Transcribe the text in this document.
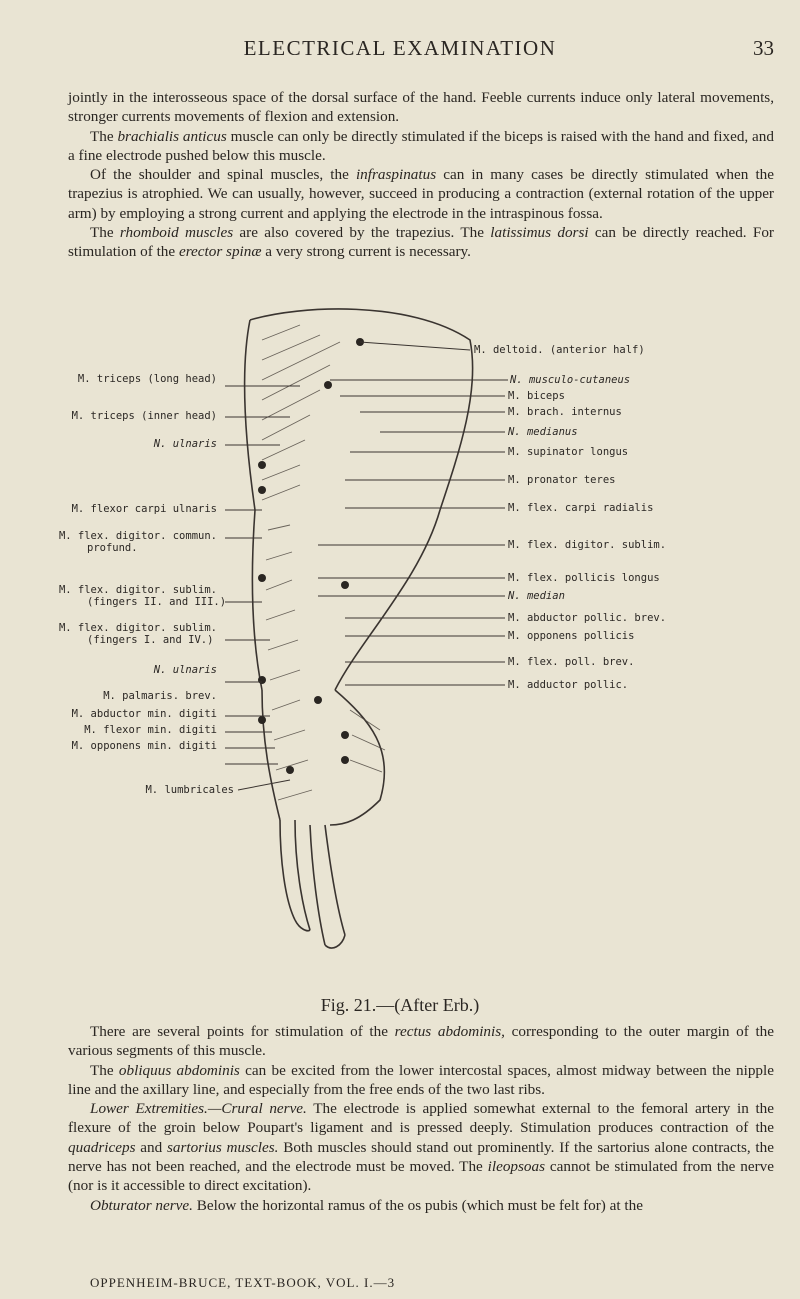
ELECTRICAL EXAMINATION	33

jointly in the interosseous space of the dorsal surface of the hand. Feeble currents induce only lateral movements, stronger currents movements of flexion and extension.

The brachialis anticus muscle can only be directly stimulated if the biceps is raised with the hand and fixed, and a fine electrode pushed below this muscle.

Of the shoulder and spinal muscles, the infraspinatus can in many cases be directly stimulated when the trapezius is atrophied. We can usually, however, succeed in producing a contraction (external rotation of the upper arm) by employing a strong current and applying the electrode in the intraspinous fossa.

The rhomboid muscles are also covered by the trapezius. The latissimus dorsi can be directly reached. For stimulation of the erector spinæ a very strong current is necessary.

M. triceps (long head)
M. triceps (inner head)
N. ulnaris
M. flexor carpi ulnaris
M. flex. digitor. commun.
profund.
M. flex. digitor. sublim.
(fingers II. and III.)
M. flex. digitor. sublim.
(fingers I. and IV.)
N. ulnaris
M. palmaris. brev.
M. abductor min. digiti
M. flexor min. digiti
M. opponens min. digiti
M. lumbricales
M. deltoid. (anterior half)
N. musculo-cutaneus
M. biceps
M. brach. internus
N. medianus
M. supinator longus
M. pronator teres
M. flex. carpi radialis
M. flex. digitor. sublim.
M. flex. pollicis longus
N. median
M. abductor pollic. brev.
M. opponens pollicis
M. flex. poll. brev.
M. adductor pollic.
Fig. 21.—(After Erb.)

There are several points for stimulation of the rectus abdominis, corresponding to the outer margin of the various segments of this muscle.

The obliquus abdominis can be excited from the lower intercostal spaces, almost midway between the nipple line and the axillary line, and especially from the free ends of the two last ribs.

Lower Extremities.—Crural nerve. The electrode is applied somewhat external to the femoral artery in the flexure of the groin below Poupart's ligament and is pressed deeply. Stimulation produces contraction of the quadriceps and sartorius muscles. Both muscles should stand out prominently. If the sartorius alone contracts, the nerve has not been reached, and the electrode must be moved. The ileopsoas cannot be stimulated from the nerve (nor is it accessible to direct excitation).

Obturator nerve. Below the horizontal ramus of the os pubis (which must be felt for) at the

OPPENHEIM-BRUCE, TEXT-BOOK, VOL. I.—3
